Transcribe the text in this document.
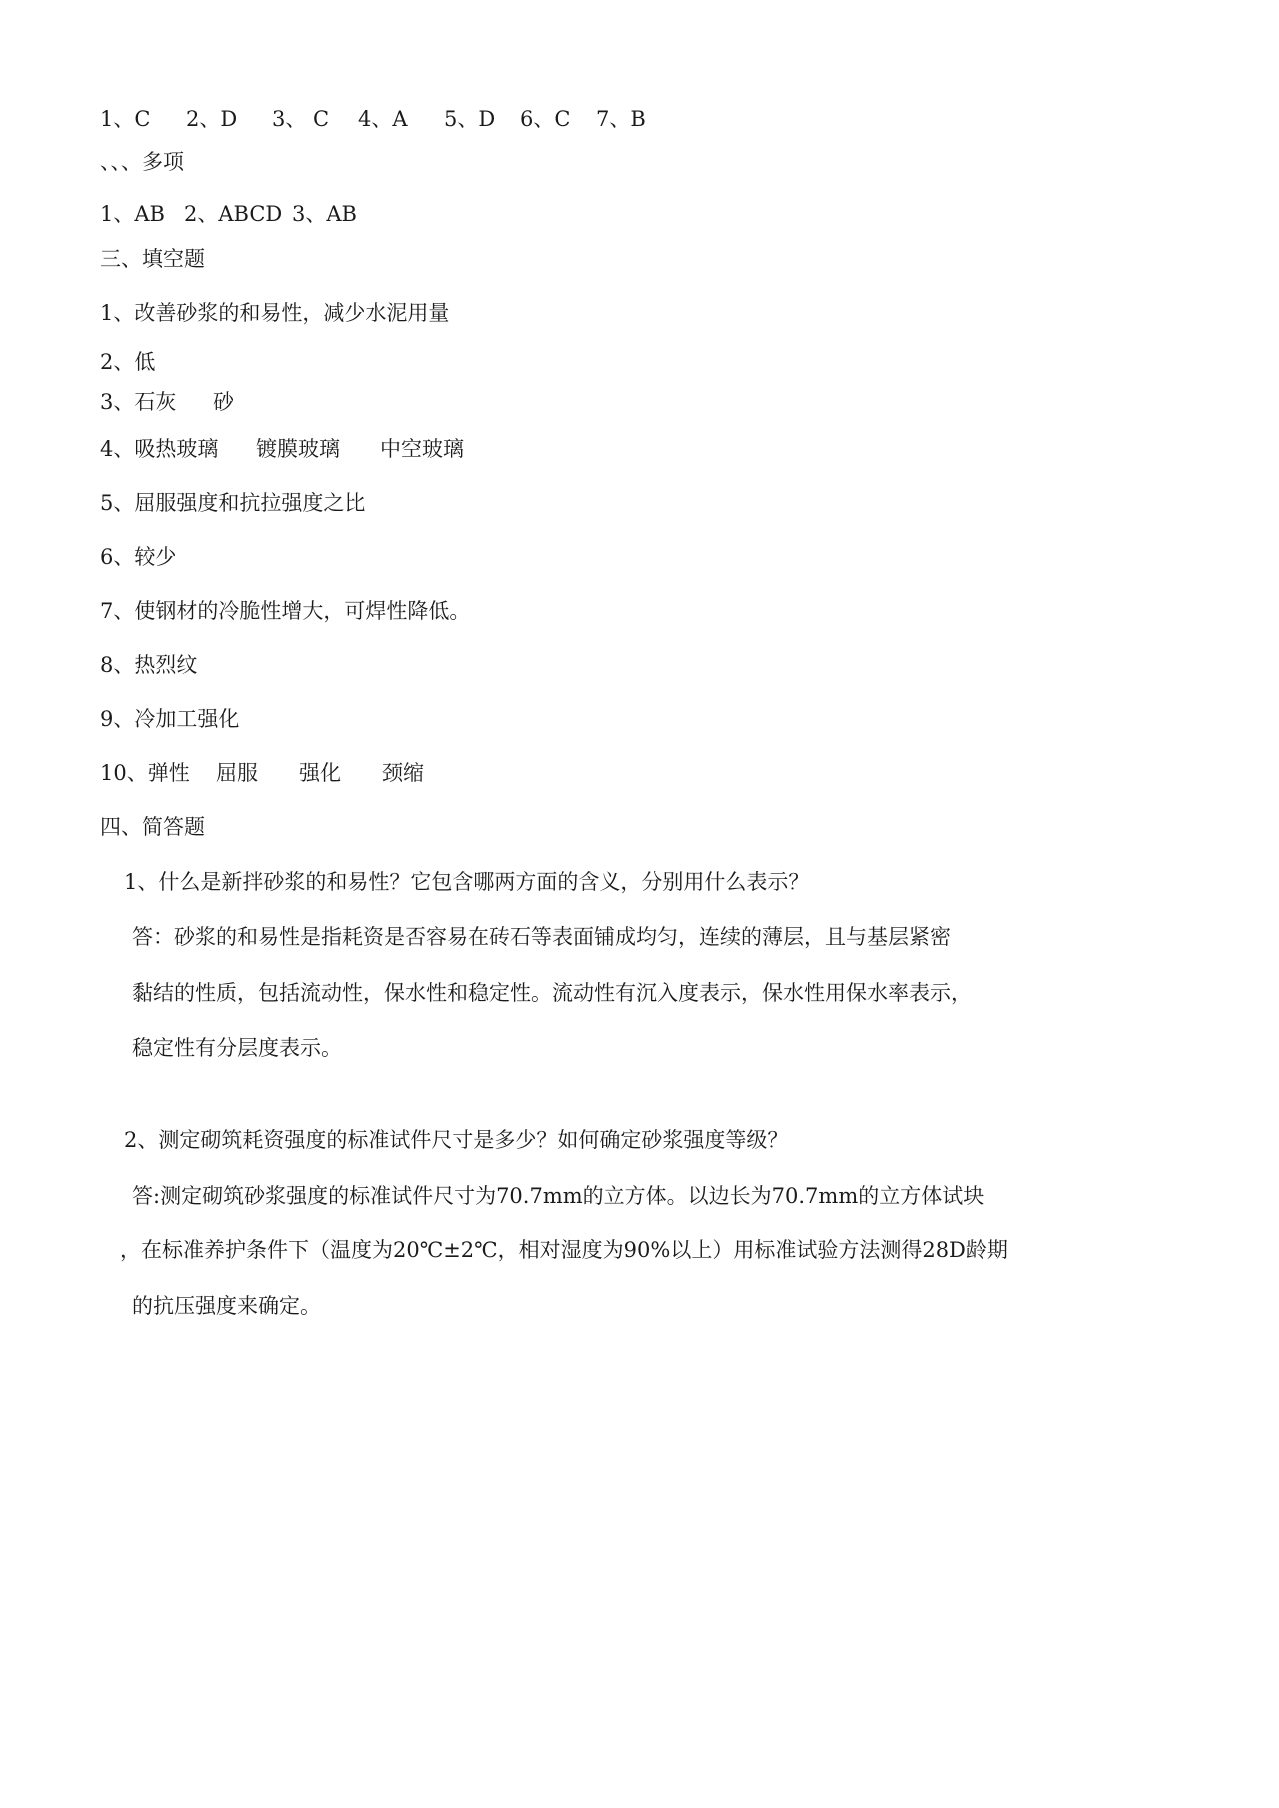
1、C 2、D 3、 C 4、A 5、D 6、C 7、B
、、、多项
1、AB 2、ABCD 3、AB
三、填空题
1、改善砂浆的和易性，减少水泥用量
2、低
3、石灰 砂
4、吸热玻璃 镀膜玻璃 中空玻璃
5、屈服强度和抗拉强度之比
6、较少
7、使钢材的冷脆性增大，可焊性降低。
8、热烈纹
9、冷加工强化
10、弹性 屈服 强化 颈缩
四、简答题
1、什么是新拌砂浆的和易性？它包含哪两方面的含义，分别用什么表示？
答：砂浆的和易性是指耗资是否容易在砖石等表面铺成均匀，连续的薄层，且与基层紧密
黏结的性质，包括流动性，保水性和稳定性。流动性有沉入度表示，保水性用保水率表示，
稳定性有分层度表示。
2、测定砌筑耗资强度的标准试件尺寸是多少？如何确定砂浆强度等级？
答:测定砌筑砂浆强度的标准试件尺寸为70.7mm的立方体。以边长为70.7mm的立方体试块
，在标准养护条件下（温度为20℃±2℃，相对湿度为90%以上）用标准试验方法测得28D龄期
的抗压强度来确定。
